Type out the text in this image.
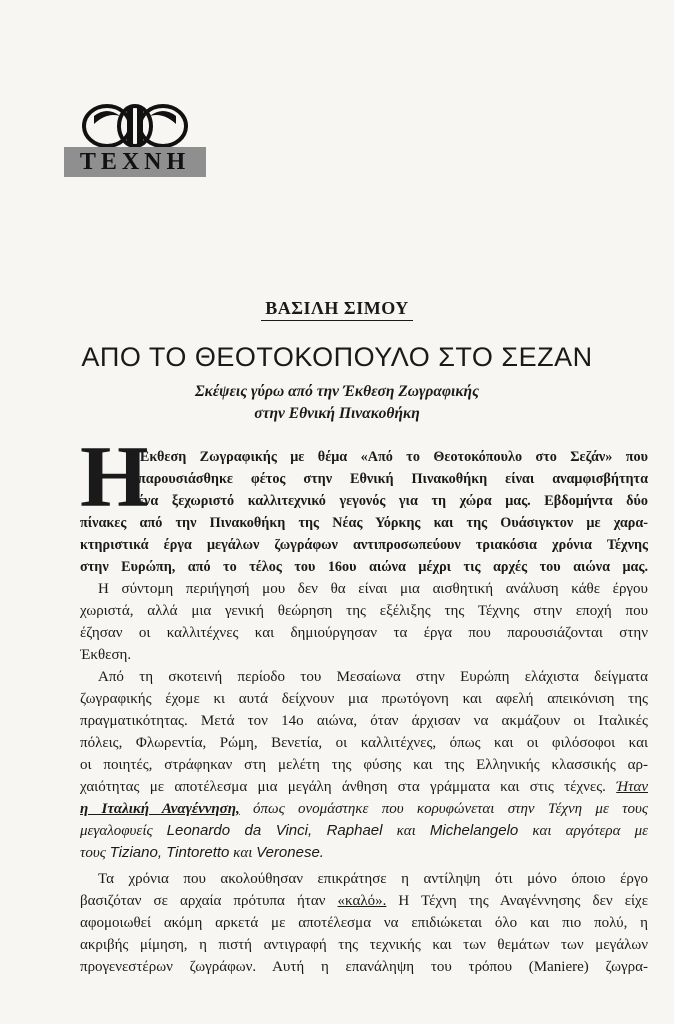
ΤΕΧΝΗ
ΒΑΣΙΛΗ ΣΙΜΟΥ
ΑΠΟ ΤΟ ΘΕΟΤΟΚΟΠΟΥΛΟ ΣΤΟ ΣΕΖΑΝ
Σκέψεις γύρω από την Έκθεση Ζωγραφικής
στην Εθνική Πινακοθήκη
Η
Έκθεση Ζωγραφικής με θέμα «Από το Θεοτοκόπουλο στο Σεζάν» που
παρουσιάσθηκε φέτος στην Εθνική Πινακοθήκη είναι αναμφισβήτητα
ένα ξεχωριστό καλλιτεχνικό γεγονός για τη χώρα μας. Εβδομήντα δύο
πίνακες από την Πινακοθήκη της Νέας Υόρκης και της Ουάσιγκτον με χαρα-
κτηριστικά έργα μεγάλων ζωγράφων αντιπροσωπεύουν τριακόσια χρόνια Τέχνης
στην Ευρώπη, από το τέλος του 16ου αιώνα μέχρι τις αρχές του αιώνα μας.
Η σύντομη περιήγησή μου δεν θα είναι μια αισθητική ανάλυση κάθε έργου
χωριστά, αλλά μια γενική θεώρηση της εξέλιξης της Τέχνης στην εποχή που
έζησαν οι καλλιτέχνες και δημιούργησαν τα έργα που παρουσιάζονται στην
Έκθεση.
Από τη σκοτεινή περίοδο του Μεσαίωνα στην Ευρώπη ελάχιστα δείγματα
ζωγραφικής έχομε κι αυτά δείχνουν μια πρωτόγονη και αφελή απεικόνιση της
πραγματικότητας. Μετά τον 14ο αιώνα, όταν άρχισαν να ακμάζουν οι Ιταλικές
πόλεις, Φλωρεντία, Ρώμη, Βενετία, οι καλλιτέχνες, όπως και οι φιλόσοφοι και
οι ποιητές, στράφηκαν στη μελέτη της φύσης και της Ελληνικής κλασσικής αρ-
χαιότητας με αποτέλεσμα μια μεγάλη άνθηση στα γράμματα και στις τέχνες. Ήταν
η Ιταλική Αναγέννηση, όπως ονομάστηκε που κορυφώνεται στην Τέχνη με τους
μεγαλοφυείς Leonardo da Vinci, Raphael και Michelangelo και αργότερα με
τους Tiziano, Tintoretto και Veronese.
Τα χρόνια που ακολούθησαν επικράτησε η αντίληψη ότι μόνο όποιο έργο
βασιζόταν σε αρχαία πρότυπα ήταν «καλό». Η Τέχνη της Αναγέννησης δεν είχε
αφομοιωθεί ακόμη αρκετά με αποτέλεσμα να επιδιώκεται όλο και πιο πολύ, η
ακριβής μίμηση, η πιστή αντιγραφή της τεχνικής και των θεμάτων των μεγάλων
προγενεστέρων ζωγράφων. Αυτή η επανάληψη του τρόπου (Maniere) ζωγρα-
